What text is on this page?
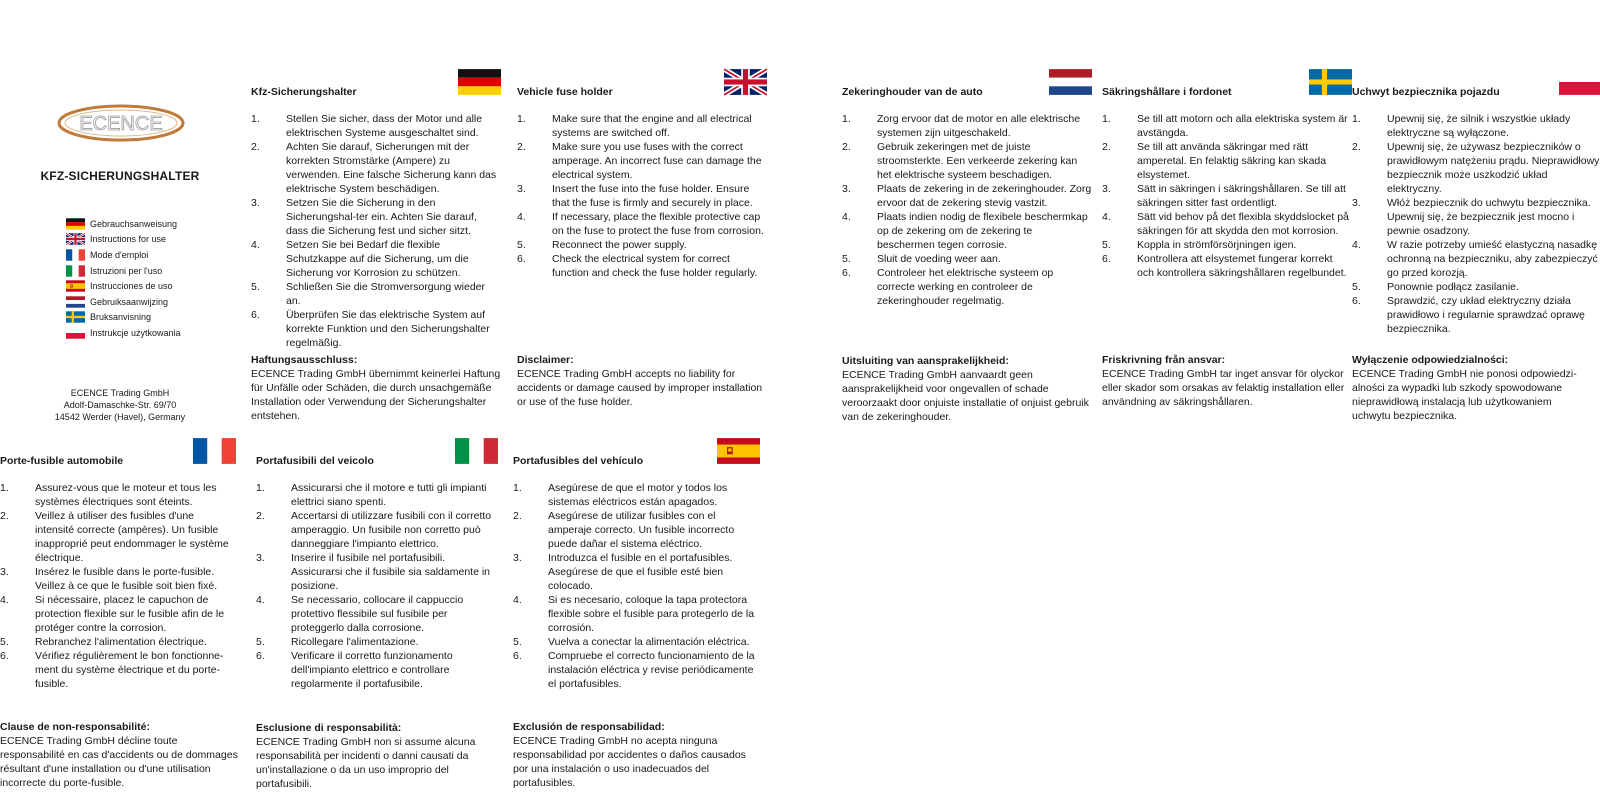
ECENCE
KFZ-SICHERUNGSHALTER
Gebrauchsanweisung
Instructions for use
Mode d'emploi
Istruzioni per l'uso
Instrucciones de uso
Gebruiksaanwijzing
Bruksanvisning
Instrukcje użytkowania
ECENCE Trading GmbH
Adolf-Damaschke-Str. 69/70
14542 Werder (Havel), Germany
Kfz-Sicherungshalter
1.	Stellen Sie sicher, dass der Motor und alle elektrischen Systeme ausgeschaltet sind.
2.	Achten Sie darauf, Sicherungen mit der korrekten Stromstärke (Ampere) zu verwenden. Eine falsche Sicherung kann das elektrische System beschädigen.
3.	Setzen Sie die Sicherung in den Sicherungshal-ter ein. Achten Sie darauf, dass die Sicherung fest und sicher sitzt.
4.	Setzen Sie bei Bedarf die flexible Schutzkappe auf die Sicherung, um die Sicherung vor Korrosion zu schützen.
5.	Schließen Sie die Stromversorgung wieder an.
6.	Überprüfen Sie das elektrische System auf korrekte Funktion und den Sicherungshalter regelmäßig.
Haftungsausschluss:
ECENCE Trading GmbH übernimmt keinerlei Haftung für Unfälle oder Schäden, die durch unsachgemäße Installation oder Verwendung der Sicherungshalter entstehen.
Vehicle fuse holder
1.	Make sure that the engine and all electrical systems are switched off.
2.	Make sure you use fuses with the correct amperage. An incorrect fuse can damage the electrical system.
3.	Insert the fuse into the fuse holder. Ensure that the fuse is firmly and securely in place.
4.	If necessary, place the flexible protective cap on the fuse to protect the fuse from corrosion.
5.	Reconnect the power supply.
6.	Check the electrical system for correct function and check the fuse holder regularly.
Disclaimer:
ECENCE Trading GmbH accepts no liability for accidents or damage caused by improper installation or use of the fuse holder.
Zekeringhouder van de auto
1.	Zorg ervoor dat de motor en alle elektrische systemen zijn uitgeschakeld.
2.	Gebruik zekeringen met de juiste stroomsterkte. Een verkeerde zekering kan het elektrische systeem beschadigen.
3.	Plaats de zekering in de zekeringhouder. Zorg ervoor dat de zekering stevig vastzit.
4.	Plaats indien nodig de flexibele beschermkap op de zekering om de zekering te beschermen tegen corrosie.
5.	Sluit de voeding weer aan.
6.	Controleer het elektrische systeem op correcte werking en controleer de zekeringhouder regelmatig.
Uitsluiting van aansprakelijkheid:
ECENCE Trading GmbH aanvaardt geen aansprakelijkheid voor ongevallen of schade veroorzaakt door onjuiste installatie of onjuist gebruik van de zekeringhouder.
Säkringshållare i fordonet
1.	Se till att motorn och alla elektriska system är avstängda.
2.	Se till att använda säkringar med rätt amperetal. En felaktig säkring kan skada elsystemet.
3.	Sätt in säkringen i säkringshållaren. Se till att säkringen sitter fast ordentligt.
4.	Sätt vid behov på det flexibla skyddslocket på säkringen för att skydda den mot korrosion.
5.	Koppla in strömförsörjningen igen.
6.	Kontrollera att elsystemet fungerar korrekt och kontrollera säkringshållaren regelbundet.
Friskrivning från ansvar:
ECENCE Trading GmbH tar inget ansvar för olyckor eller skador som orsakas av felaktig installation eller användning av säkringshållaren.
Uchwyt bezpiecznika pojazdu
1.	Upewnij się, że silnik i wszystkie układy elektryczne są wyłączone.
2.	Upewnij się, że używasz bezpieczników o prawidłowym natężeniu prądu. Nieprawidłowy bezpiecznik może uszkodzić układ elektryczny.
3.	Włóż bezpiecznik do uchwytu bezpiecznika. Upewnij się, że bezpiecznik jest mocno i pewnie osadzony.
4.	W razie potrzeby umieść elastyczną nasadkę ochronną na bezpieczniku, aby zabezpieczyć go przed korozją.
5.	Ponownie podłącz zasilanie.
6.	Sprawdzić, czy układ elektryczny działa prawidłowo i regularnie sprawdzać oprawę bezpiecznika.
Wyłączenie odpowiedzialności:
ECENCE Trading GmbH nie ponosi odpowiedzi-alności za wypadki lub szkody spowodowane nieprawidłową instalacją lub użytkowaniem uchwytu bezpiecznika.
Porte-fusible automobile
1.	Assurez-vous que le moteur et tous les systèmes électriques sont éteints.
2.	Veillez à utiliser des fusibles d'une intensité correcte (ampères). Un fusible inapproprié peut endommager le système électrique.
3.	Insérez le fusible dans le porte-fusible. Veillez à ce que le fusible soit bien fixé.
4.	Si nécessaire, placez le capuchon de protection flexible sur le fusible afin de le protéger contre la corrosion.
5.	Rebranchez l'alimentation électrique.
6.	Vérifiez régulièrement le bon fonctionne-ment du système électrique et du porte-fusible.
Clause de non-responsabilité:
ECENCE Trading GmbH décline toute responsabilité en cas d'accidents ou de dommages résultant d'une installation ou d'une utilisation incorrecte du porte-fusible.
Portafusibili del veicolo
1.	Assicurarsi che il motore e tutti gli impianti elettrici siano spenti.
2.	Accertarsi di utilizzare fusibili con il corretto amperaggio. Un fusibile non corretto può danneggiare l'impianto elettrico.
3.	Inserire il fusibile nel portafusibili. Assicurarsi che il fusibile sia saldamente in posizione.
4.	Se necessario, collocare il cappuccio protettivo flessibile sul fusibile per proteggerlo dalla corrosione.
5.	Ricollegare l'alimentazione.
6.	Verificare il corretto funzionamento dell'impianto elettrico e controllare regolarmente il portafusibile.
Esclusione di responsabilità:
ECENCE Trading GmbH non si assume alcuna responsabilità per incidenti o danni causati da un'installazione o da un uso improprio del portafusibili.
Portafusibles del vehículo
1.	Asegúrese de que el motor y todos los sistemas eléctricos están apagados.
2.	Asegúrese de utilizar fusibles con el amperaje correcto. Un fusible incorrecto puede dañar el sistema eléctrico.
3.	Introduzca el fusible en el portafusibles. Asegúrese de que el fusible esté bien colocado.
4.	Si es necesario, coloque la tapa protectora flexible sobre el fusible para protegerlo de la corrosión.
5.	Vuelva a conectar la alimentación eléctrica.
6.	Compruebe el correcto funcionamiento de la instalación eléctrica y revise periódicamente el portafusibles.
Exclusión de responsabilidad:
ECENCE Trading GmbH no acepta ninguna responsabilidad por accidentes o daños causados por una instalación o uso inadecuados del portafusibles.
